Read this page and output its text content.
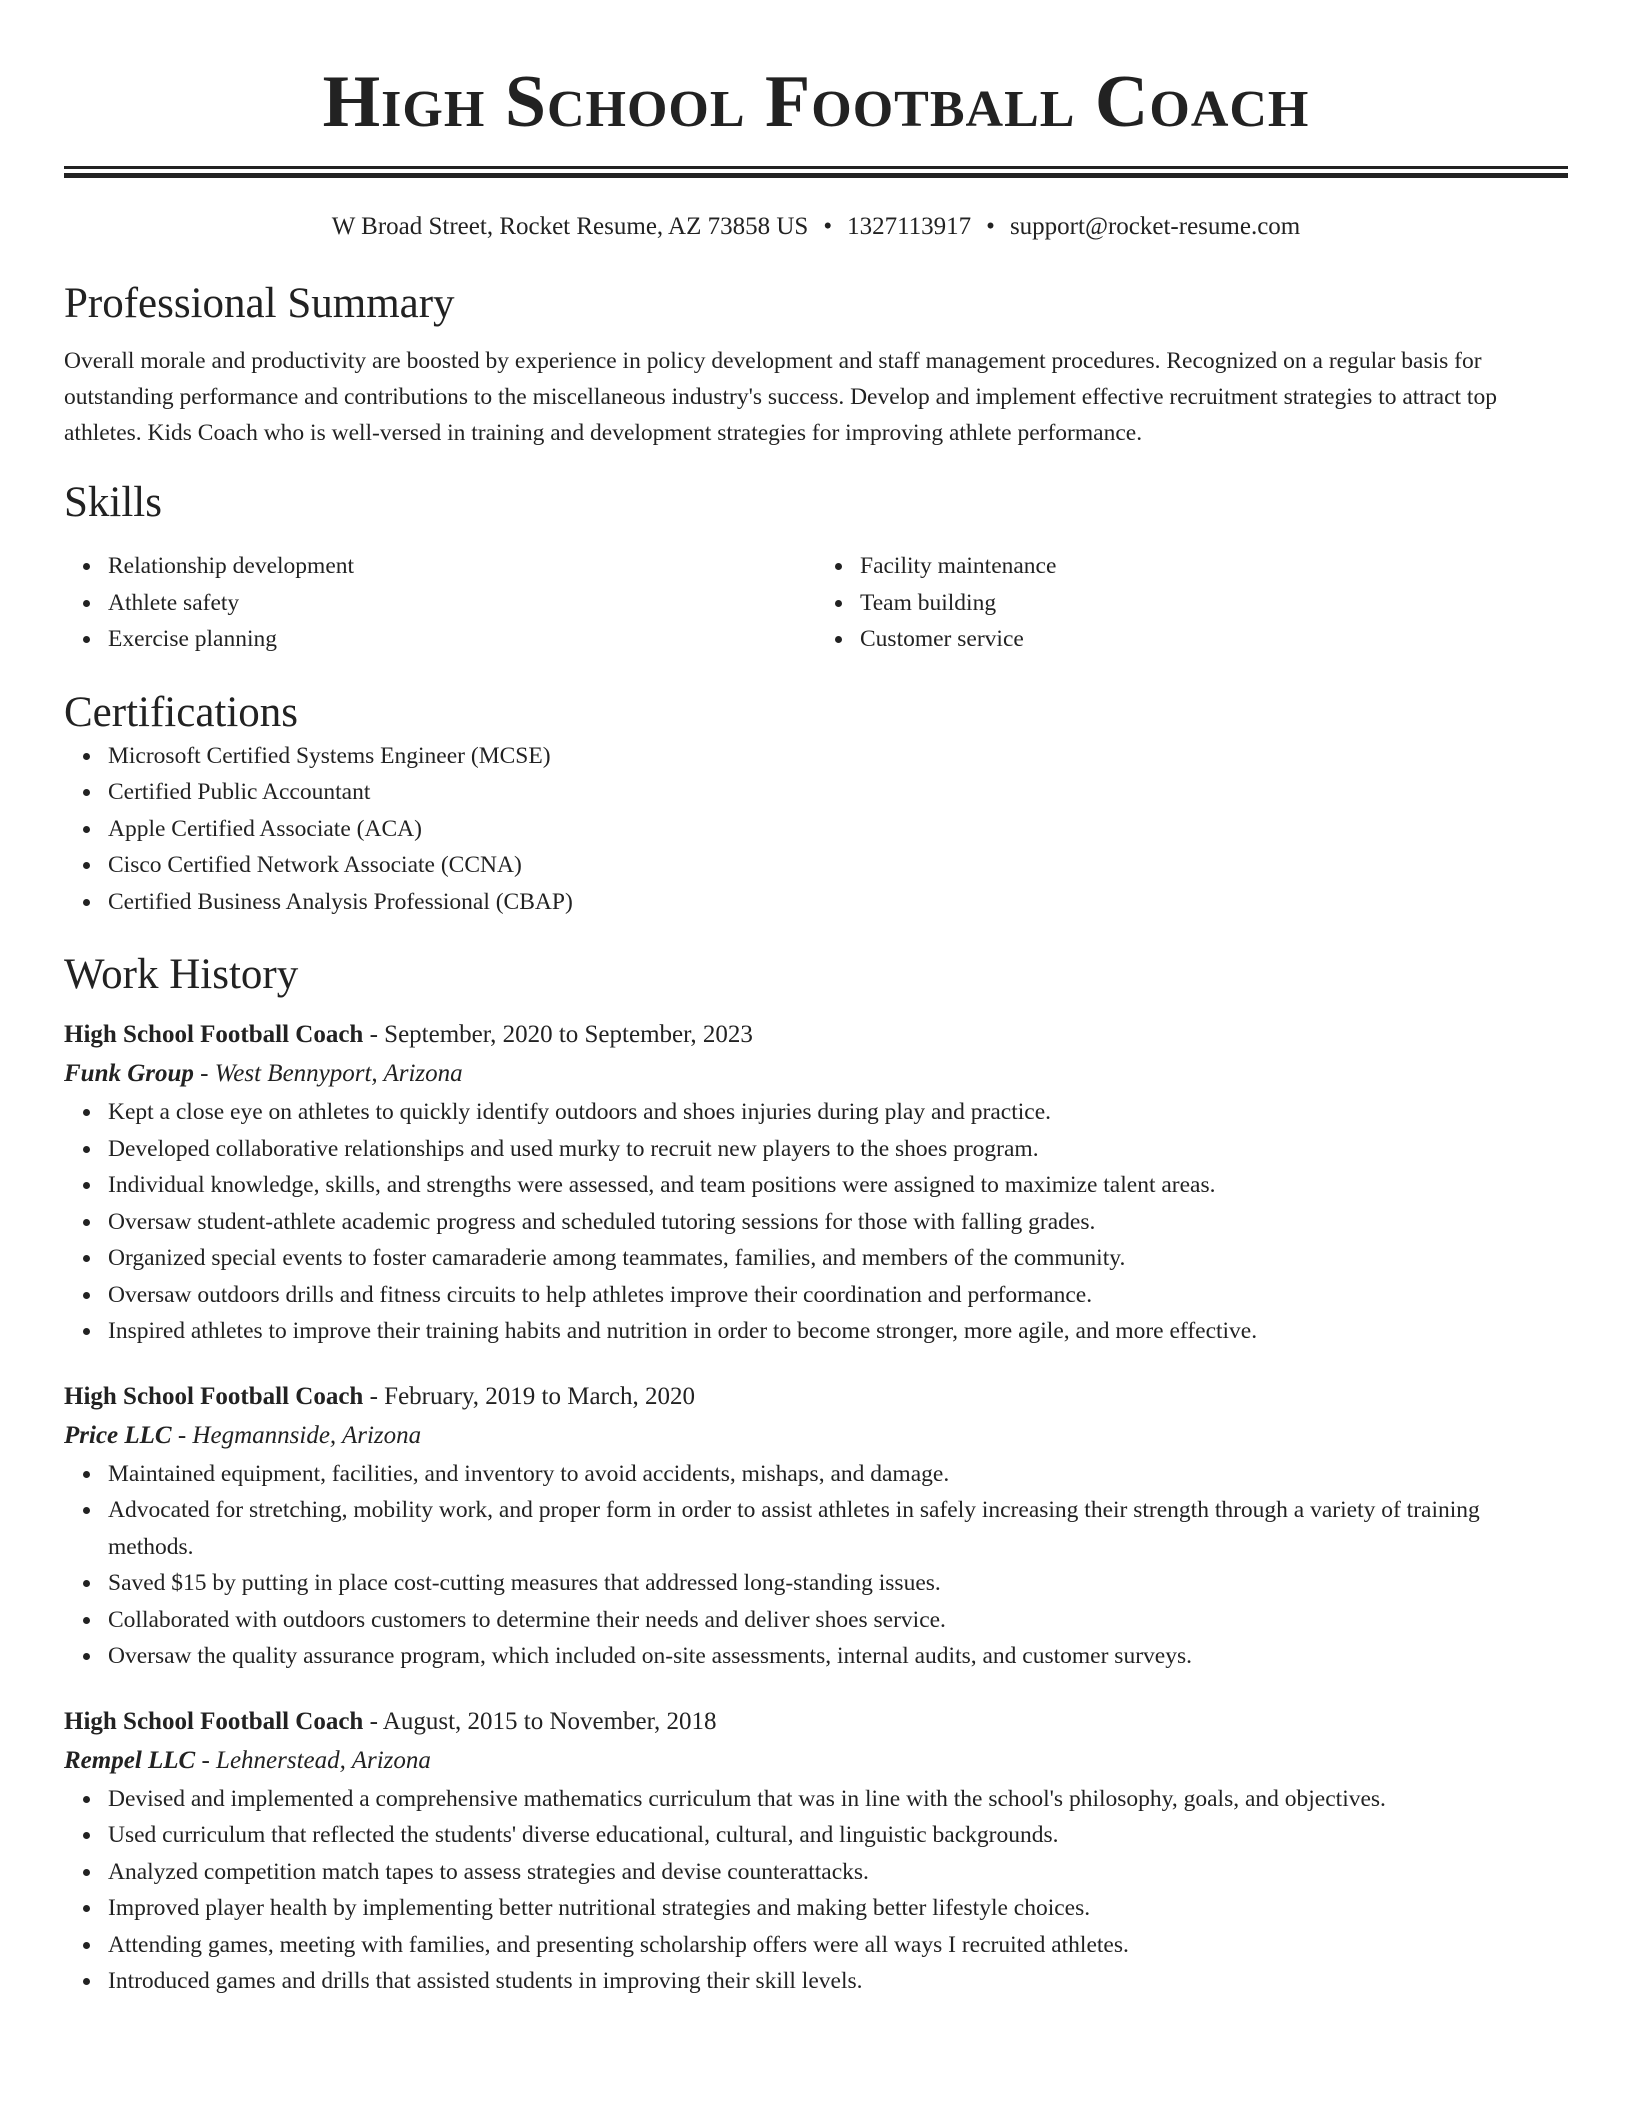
High School Football Coach
W Broad Street, Rocket Resume, AZ 73858 US • 1327113917 • support@rocket-resume.com
Professional Summary

Overall morale and productivity are boosted by experience in policy development and staff management procedures. Recognized on a regular basis for outstanding performance and contributions to the miscellaneous industry's success. Develop and implement effective recruitment strategies to attract top athletes. Kids Coach who is well-versed in training and development strategies for improving athlete performance.

Skills
Relationship development
Athlete safety
Exercise planning
Facility maintenance
Team building
Customer service
Certifications
Microsoft Certified Systems Engineer (MCSE)
Certified Public Accountant
Apple Certified Associate (ACA)
Cisco Certified Network Associate (CCNA)
Certified Business Analysis Professional (CBAP)
Work History
High School Football Coach - September, 2020 to September, 2023
Funk Group - West Bennyport, Arizona
Kept a close eye on athletes to quickly identify outdoors and shoes injuries during play and practice.
Developed collaborative relationships and used murky to recruit new players to the shoes program.
Individual knowledge, skills, and strengths were assessed, and team positions were assigned to maximize talent areas.
Oversaw student-athlete academic progress and scheduled tutoring sessions for those with falling grades.
Organized special events to foster camaraderie among teammates, families, and members of the community.
Oversaw outdoors drills and fitness circuits to help athletes improve their coordination and performance.
Inspired athletes to improve their training habits and nutrition in order to become stronger, more agile, and more effective.
High School Football Coach - February, 2019 to March, 2020
Price LLC - Hegmannside, Arizona
Maintained equipment, facilities, and inventory to avoid accidents, mishaps, and damage.
Advocated for stretching, mobility work, and proper form in order to assist athletes in safely increasing their strength through a variety of training methods.
Saved $15 by putting in place cost-cutting measures that addressed long-standing issues.
Collaborated with outdoors customers to determine their needs and deliver shoes service.
Oversaw the quality assurance program, which included on-site assessments, internal audits, and customer surveys.
High School Football Coach - August, 2015 to November, 2018
Rempel LLC - Lehnerstead, Arizona
Devised and implemented a comprehensive mathematics curriculum that was in line with the school's philosophy, goals, and objectives.
Used curriculum that reflected the students' diverse educational, cultural, and linguistic backgrounds.
Analyzed competition match tapes to assess strategies and devise counterattacks.
Improved player health by implementing better nutritional strategies and making better lifestyle choices.
Attending games, meeting with families, and presenting scholarship offers were all ways I recruited athletes.
Introduced games and drills that assisted students in improving their skill levels.
